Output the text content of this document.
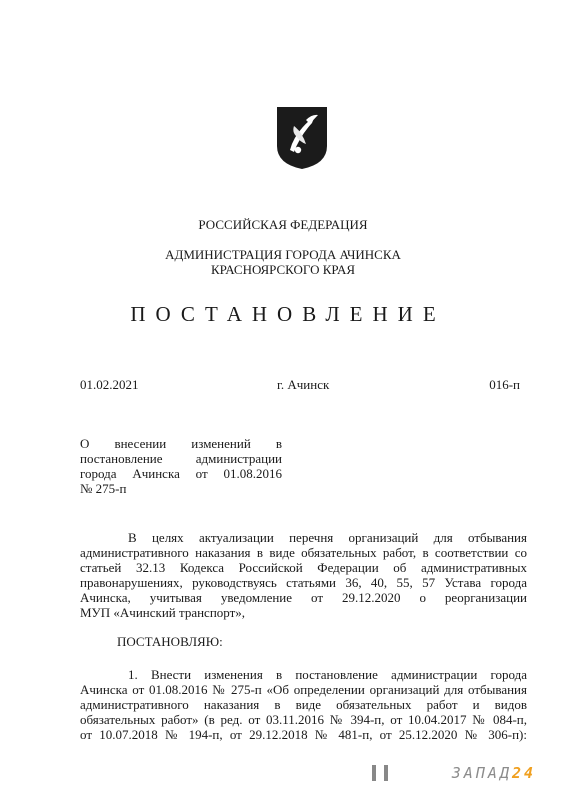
РОССИЙСКАЯ ФЕДЕРАЦИЯ
АДМИНИСТРАЦИЯ ГОРОДА АЧИНСКА
КРАСНОЯРСКОГО КРАЯ
ПОСТАНОВЛЕНИЕ
01.02.2021	г. Ачинск	016-п
О внесении изменений в
постановление администрации
города Ачинска от 01.08.2016
№ 275-п
В целях актуализации перечня организаций для отбывания
административного наказания в виде обязательных работ, в соответствии со
статьей 32.13 Кодекса Российской Федерации об административных
правонарушениях, руководствуясь статьями 36, 40, 55, 57 Устава города
Ачинска, учитывая уведомление от 29.12.2020 о реорганизации
МУП «Ачинский транспорт»,
ПОСТАНОВЛЯЮ:
1. Внести изменения в постановление администрации города
Ачинска от 01.08.2016 № 275-п «Об определении организаций для отбывания
административного наказания в виде обязательных работ и видов
обязательных работ» (в ред. от 03.11.2016 № 394-п, от 10.04.2017 № 084-п,
от 10.07.2018 № 194-п, от 29.12.2018 № 481-п, от 25.12.2020 № 306-п):
ЗАПАД24
